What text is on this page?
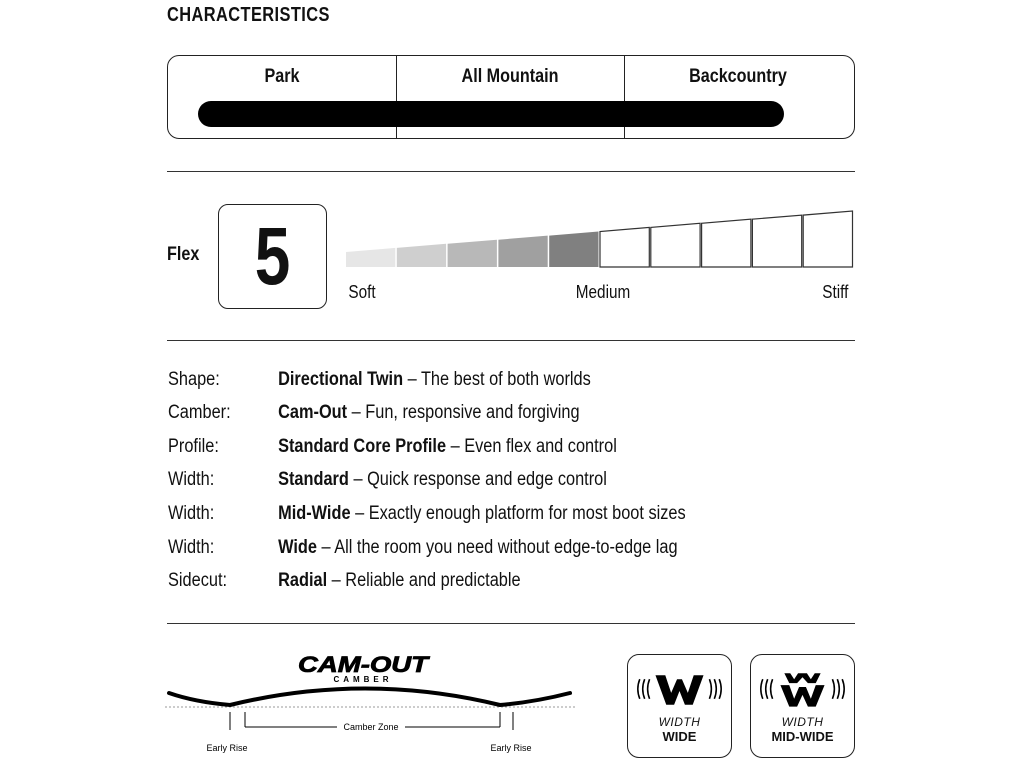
CHARACTERISTICS
Park	All Mountain	Backcountry
Flex 5	Soft	Medium	Stiff
Shape:	Directional Twin – The best of both worlds
Camber: Cam-Out – Fun, responsive and forgiving
Profile:	Standard Core Profile – Even flex and control
Width:	Standard – Quick response and edge control
Width:	Mid-Wide – Exactly enough platform for most boot sizes
Width:	Wide – All the room you need without edge-to-edge lag
Sidecut:	Radial – Reliable and predictable
CAM-OUT
CAMBER
Camber Zone
Early Rise	Early Rise
WIDTH
WIDE
WIDTH
MID-WIDE
